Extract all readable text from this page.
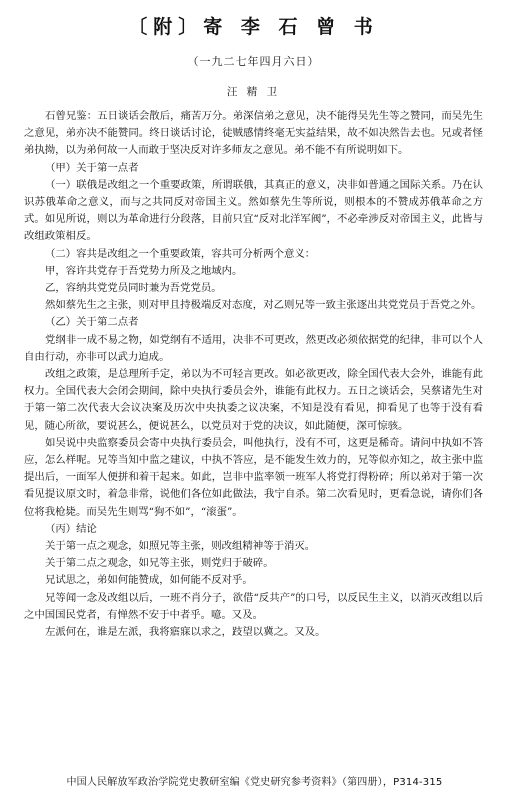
〔附〕寄 李 石 曾 书
（一九二七年四月六日）
汪 精 卫

石曾兄鉴：五日谈话会散后，痛苦万分。弟深信弟之意见，决不能得吴先生等之赞同，而吴先生之意见，弟亦决不能赞同。终日谈话讨论，徒贼感情终毫无实益结果，故不如决然告去也。兄或者怪弟执拗，以为弟何故一人而敢于坚决反对许多师友之意见。弟不能不有所说明如下。

（甲）关于第一点者

（一）联俄是改组之一个重要政策，所谓联俄，其真正的意义，决非如普通之国际关系。乃在认识苏俄革命之意义，而与之共同反对帝国主义。然如蔡先生等所说，则根本的不赞成苏俄革命之方式。如见所说，则以为革命进行分段落，目前只宜“反对北洋军阀”，不必牵涉反对帝国主义，此皆与改组政策相反。

（二）容共是改组之一个重要政策，容共可分析两个意义：

甲，容许共党存于吾党势力所及之地域内。

乙，容纳共党党员同时兼为吾党党员。

然如蔡先生之主张，则对甲且持极端反对态度，对乙则兄等一致主张逐出共党党员于吾党之外。

（乙）关于第二点者

党纲非一成不易之物，如党纲有不适用，决非不可更改，然更改必须依据党的纪律，非可以个人自由行动，亦非可以武力迫成。

改组之政策，是总理所手定，弟以为不可轻言更改。如必欲更改，除全国代表大会外，谁能有此权力。全国代表大会闭会期间，除中央执行委员会外，谁能有此权力。五日之谈话会，吴蔡诸先生对于第一第二次代表大会议决案及历次中央执委之议决案，不知是没有看见，抑看见了也等于没有看见，随心所欲，要说甚么，便说甚么，以党员对于党的决议，如此随便，深可惊骇。

如吴说中央监察委员会寄中央执行委员会，叫他执行，没有不可，这更是稀奇。请问中执如不答应，怎么样呢。兄等当知中监之建议，中执不答应，是不能发生效力的，兄等似亦知之，故主张中监提出后，一面军人便拼和着干起来。如此，岂非中监率领一班军人将党打得粉碎；所以弟对于第一次看见提议原文时，着急非常，说他们各位如此做法，我宁自杀。第二次看见时，更看急说，请你们各位将我枪毙。而吴先生则骂“狗不如”，“滚蛋”。

（丙）结论

关于第一点之观念，如照兄等主张，则改组精神等于消灭。

关于第二点之观念，如兄等主张，则党归于破碎。

兄试思之，弟如何能赞成，如何能不反对乎。

兄等闻一念及改组以后，一班不肖分子，欲借“反共产”的口号，以反民生主义，以消灭改组以后之中国国民党者，有惮然不安于中者乎。噫。又及。

左派何在，谁是左派，我将寤寐以求之，跂望以冀之。又及。

中国人民解放军政治学院党史教研室编《党史研究参考资料》（第四册），P314-315
